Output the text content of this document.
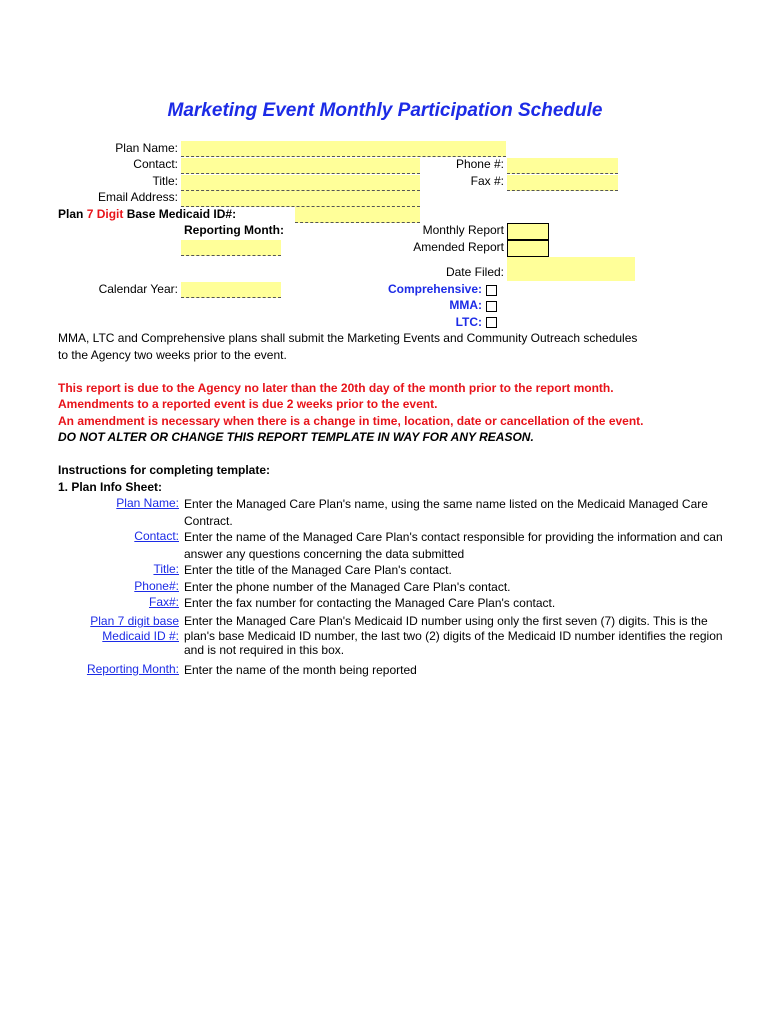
Marketing Event Monthly Participation Schedule
Plan Name:
Contact:
Title:
Email Address:
Plan 7 Digit Base Medicaid ID#:
Reporting Month:
Calendar Year:
Phone #:
Fax #:
Monthly Report
Amended Report
Date Filed:
Comprehensive:
MMA:
LTC:
MMA, LTC and Comprehensive plans shall submit the Marketing Events and Community Outreach schedules
to the Agency two weeks prior to the event.
This report is due to the Agency no later than the 20th day of the month prior to the report month.
Amendments to a reported event is due 2 weeks prior to the event.
An amendment is necessary when there is a change in time, location, date or cancellation of the event.
DO NOT ALTER OR CHANGE THIS REPORT TEMPLATE IN WAY FOR ANY REASON.
Instructions for completing template:
1. Plan Info Sheet:
Plan Name: Enter the Managed Care Plan's name, using the same name listed on the Medicaid Managed Care Contract.
Contact: Enter the name of the Managed Care Plan's contact responsible for providing the information and can answer any questions concerning the data submitted
Title: Enter the title of the Managed Care Plan's contact.
Phone#: Enter the phone number of the Managed Care Plan's contact.
Fax#: Enter the fax number for contacting the Managed Care Plan's contact.
Plan 7 digit base
Medicaid ID #:
Enter the Managed Care Plan's Medicaid ID number using only the first seven (7) digits. This is the plan's base Medicaid ID number, the last two (2) digits of the Medicaid ID number identifies the region and is not required in this box.
Reporting Month: Enter the name of the month being reported
